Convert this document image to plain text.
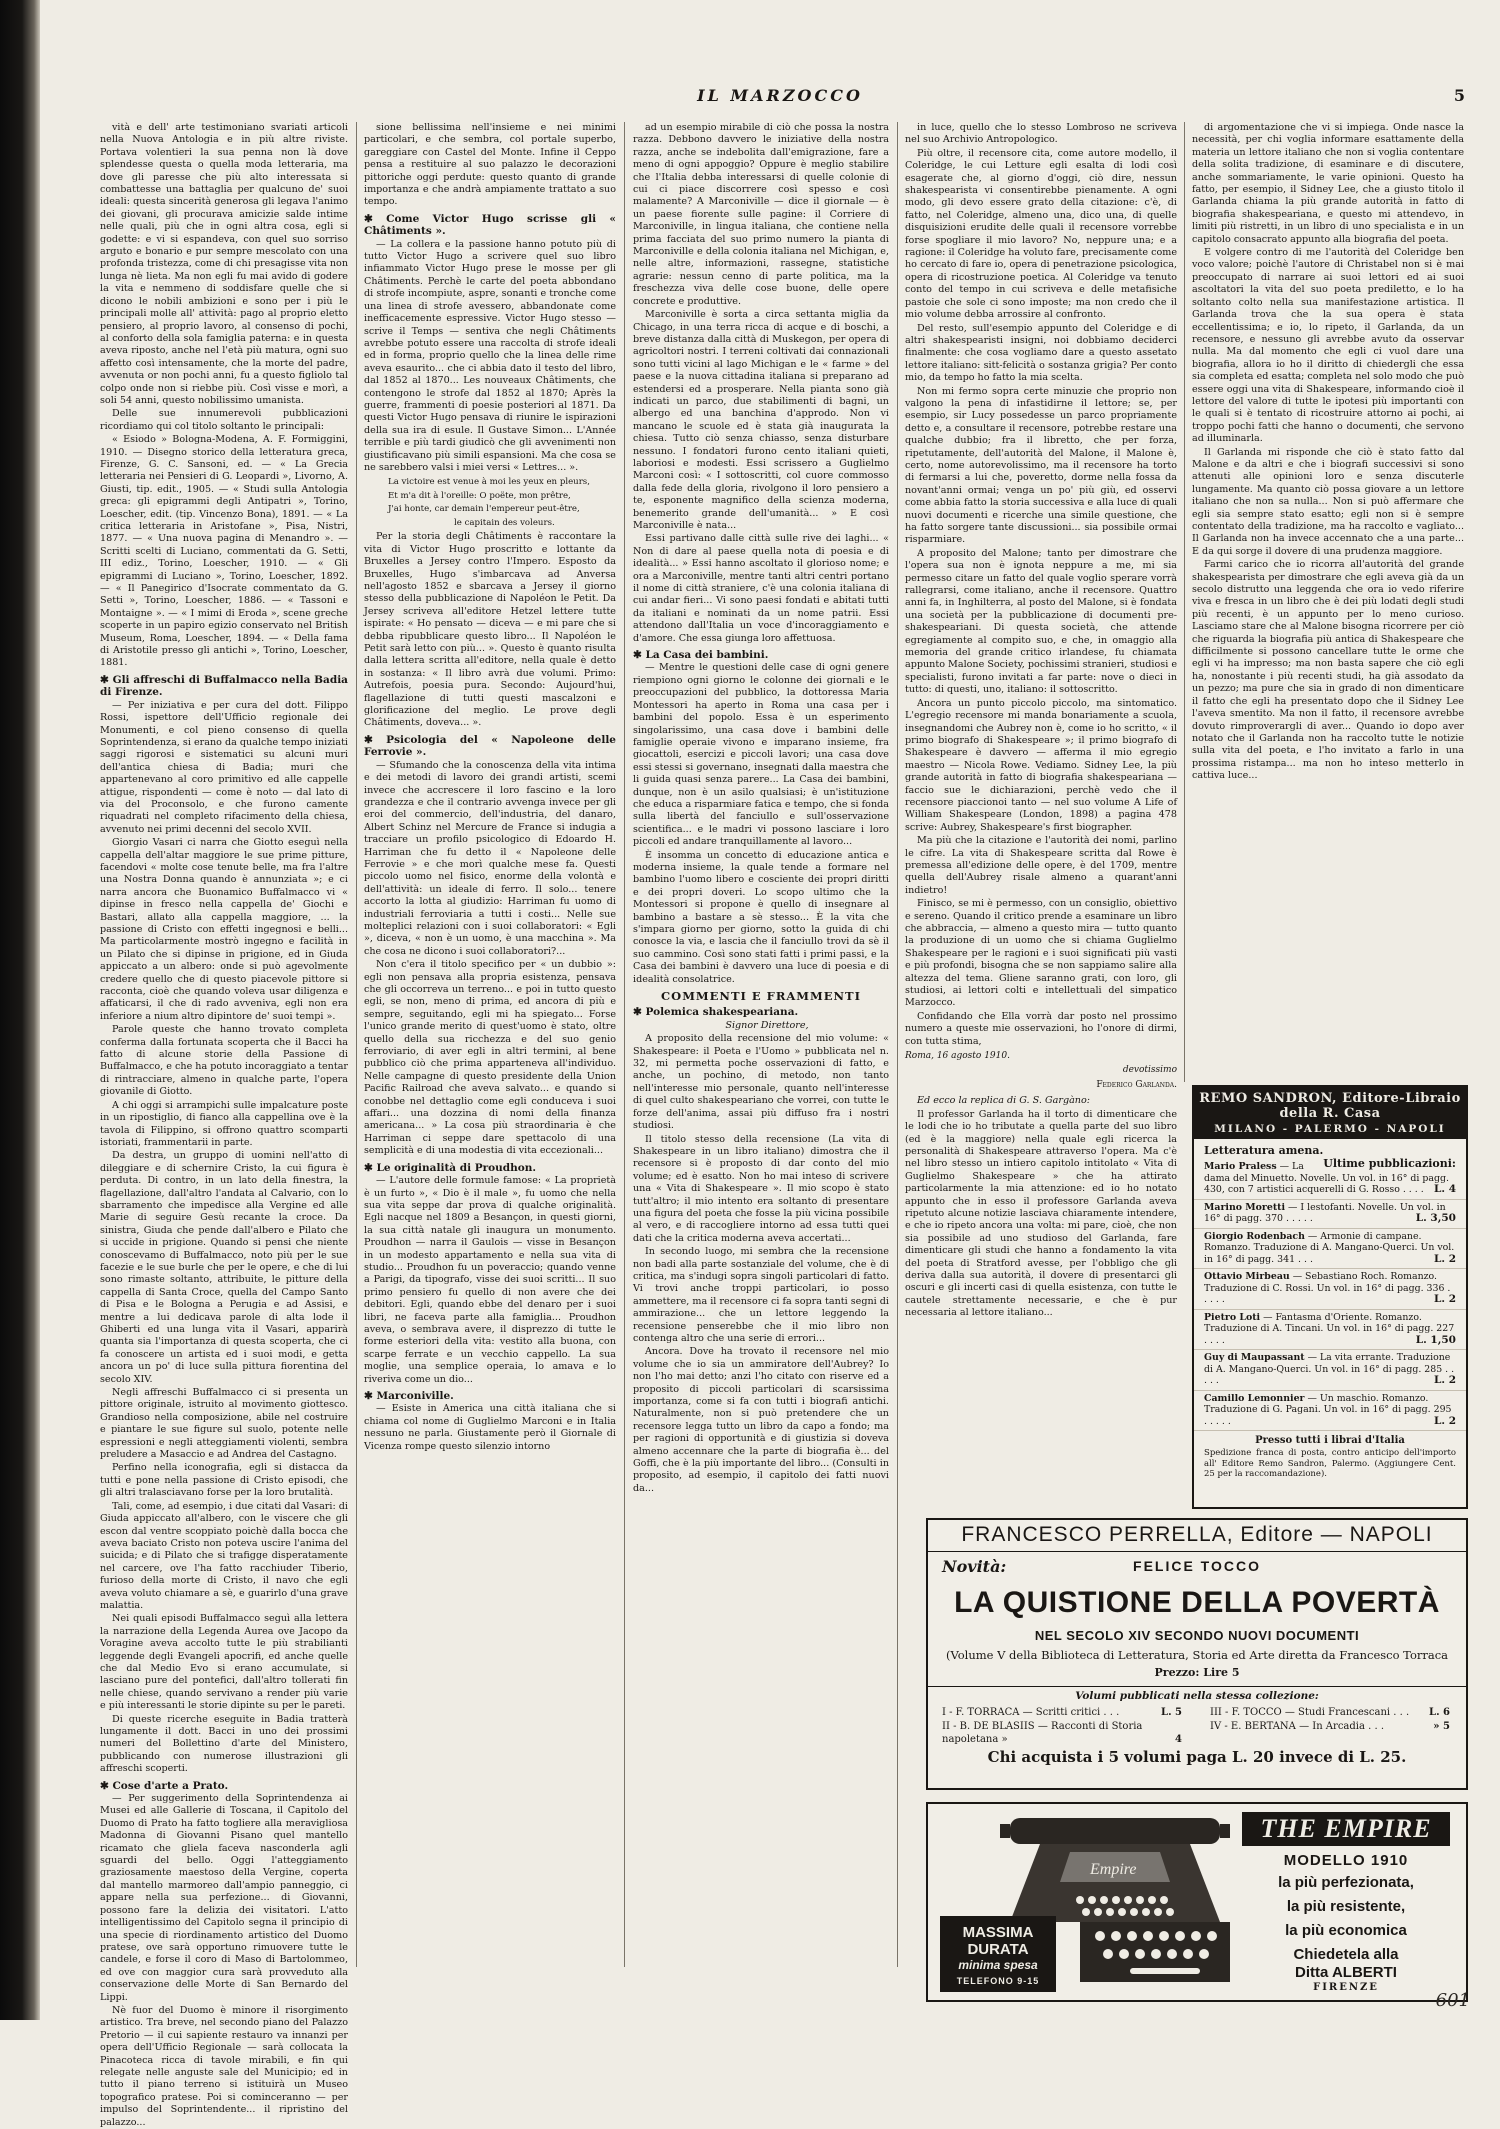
IL MARZOCCO	5

vità e dell' arte testimoniano svariati articoli nella Nuova Antologia e in più altre riviste. Portava volentieri la sua penna non là dove splendesse questa o quella moda letteraria, ma dove gli paresse che più alto interessata si combattesse una battaglia per qualcuno de' suoi ideali: questa sincerità generosa gli legava l'animo dei giovani, gli procurava amicizie salde intime nelle quali, più che in ogni altra cosa, egli si godette: e vi si espandeva, con quel suo sorriso arguto e bonario e pur sempre mescolato con una profonda tristezza, come di chi presagisse vita non lunga nè lieta. Ma non egli fu mai avido di godere la vita e nemmeno di soddisfare quelle che si dicono le nobili ambizioni e sono per i più le principali molle all' attività: pago al proprio eletto pensiero, al proprio lavoro, al consenso di pochi, al conforto della sola famiglia paterna: e in questa aveva riposto, anche nel l'età più matura, ogni suo affetto così intensamente, che la morte del padre, avvenuta or non pochi anni, fu a questo figliolo tal colpo onde non si riebbe più. Così visse e morì, a soli 54 anni, questo nobilissimo umanista.

Delle sue innumerevoli pubblicazioni ricordiamo qui col titolo soltanto le principali:

« Esiodo » Bologna-Modena, A. F. Formiggini, 1910. — Disegno storico della letteratura greca, Firenze, G. C. Sansoni, ed. — « La Grecia letteraria nei Pensieri di G. Leopardi », Livorno, A. Giusti, tip. edit., 1905. — « Studi sulla Antologia greca: gli epigrammi degli Antipatri », Torino, Loescher, edit. (tip. Vincenzo Bona), 1891. — « La critica letteraria in Aristofane », Pisa, Nistri, 1877. — « Una nuova pagina di Menandro ». — Scritti scelti di Luciano, commentati da G. Setti, III ediz., Torino, Loescher, 1910. — « Gli epigrammi di Luciano », Torino, Loescher, 1892. — « Il Panegirico d'Isocrate commentato da G. Setti », Torino, Loescher, 1886. — « Tassoni e Montaigne ». — « I mimi di Eroda », scene greche scoperte in un papiro egizio conservato nel British Museum, Roma, Loescher, 1894. — « Della fama di Aristotile presso gli antichi », Torino, Loescher, 1881.

✱ Gli affreschi di Buffalmacco nella Badia di Firenze.

— Per iniziativa e per cura del dott. Filippo Rossi, ispettore dell'Ufficio regionale dei Monumenti, e col pieno consenso di quella Soprintendenza, si erano da qualche tempo iniziati saggi rigorosi e sistematici su alcuni muri dell'antica chiesa di Badia; muri che appartenevano al coro primitivo ed alle cappelle attigue, rispondenti — come è noto — dal lato di via del Proconsolo, e che furono camente riquadrati nel completo rifacimento della chiesa, avvenuto nei primi decenni del secolo XVII.

Giorgio Vasari ci narra che Giotto eseguì nella cappella dell'altar maggiore le sue prime pitture, facendovi « molte cose tenute belle, ma fra l'altre una Nostra Donna quando è annunziata »; e ci narra ancora che Buonamico Buffalmacco vi « dipinse in fresco nella cappella de' Giochi e Bastari, allato alla cappella maggiore, ... la passione di Cristo con effetti ingegnosi e belli... Ma particolarmente mostrò ingegno e facilità in un Pilato che si dipinse in prigione, ed in Giuda appiccato a un albero: onde si può agevolmente credere quello che di questo piacevole pittore si racconta, cioè che quando voleva usar diligenza e affaticarsi, il che di rado avveniva, egli non era inferiore a nium altro dipintore de' suoi tempi ».

Parole queste che hanno trovato completa conferma dalla fortunata scoperta che il Bacci ha fatto di alcune storie della Passione di Buffalmacco, e che ha potuto incoraggiato a tentar di rintracciare, almeno in qualche parte, l'opera giovanile di Giotto.

A chi oggi si arrampichi sulle impalcature poste in un ripostiglio, di fianco alla cappellina ove è la tavola di Filippino, si offrono quattro scomparti istoriati, frammentarii in parte.

Da destra, un gruppo di uomini nell'atto di dileggiare e di schernire Cristo, la cui figura è perduta. Di contro, in un lato della finestra, la flagellazione, dall'altro l'andata al Calvario, con lo sbarramento che impedisce alla Vergine ed alle Marie di seguire Gesù recante la croce. Da sinistra, Giuda che pende dall'albero e Pilato che si uccide in prigione. Quando si pensi che niente conoscevamo di Buffalmacco, noto più per le sue facezie e le sue burle che per le opere, e che di lui sono rimaste soltanto, attribuite, le pitture della cappella di Santa Croce, quella del Campo Santo di Pisa e le Bologna a Perugia e ad Assisi, e mentre a lui dedicava parole di alta lode il Ghiberti ed una lunga vita il Vasari, apparirà quanta sia l'importanza di questa scoperta, che ci fa conoscere un artista ed i suoi modi, e getta ancora un po' di luce sulla pittura fiorentina del secolo XIV.

Negli affreschi Buffalmacco ci si presenta un pittore originale, istruito al movimento giottesco. Grandioso nella composizione, abile nel costruire e piantare le sue figure sul suolo, potente nelle espressioni e negli atteggiamenti violenti, sembra preludere a Masaccio e ad Andrea del Castagno.

Perfino nella iconografia, egli si distacca da tutti e pone nella passione di Cristo episodi, che gli altri tralasciavano forse per la loro brutalità.

Tali, come, ad esempio, i due citati dal Vasari: di Giuda appiccato all'albero, con le viscere che gli escon dal ventre scoppiato poichè dalla bocca che aveva baciato Cristo non poteva uscire l'anima del suicida; e di Pilato che si trafigge disperatamente nel carcere, ove l'ha fatto racchiuder Tiberio, furioso della morte di Cristo, il navo che egli aveva voluto chiamare a sè, e guarirlo d'una grave malattia.

Nei quali episodi Buffalmacco seguì alla lettera la narrazione della Legenda Aurea ove Jacopo da Voragine aveva accolto tutte le più strabilianti leggende degli Evangeli apocrifi, ed anche quelle che dal Medio Evo si erano accumulate, si lasciano pure del pontefici, dall'altro tollerati fin nelle chiese, quando servivano a render più varie e più interessanti le storie dipinte su per le pareti.

Di queste ricerche eseguite in Badia tratterà lungamente il dott. Bacci in uno dei prossimi numeri del Bollettino d'arte del Ministero, pubblicando con numerose illustrazioni gli affreschi scoperti.

✱ Cose d'arte a Prato.

— Per suggerimento della Soprintendenza ai Musei ed alle Gallerie di Toscana, il Capitolo del Duomo di Prato ha fatto togliere alla meravigliosa Madonna di Giovanni Pisano quel mantello ricamato che gliela faceva nasconderla agli sguardi del bello. Oggi l'atteggiamento graziosamente maestoso della Vergine, coperta dal mantello marmoreo dall'ampio panneggio, ci appare nella sua perfezione... di Giovanni, possono fare la delizia dei visitatori. L'atto intelligentissimo del Capitolo segna il principio di una specie di riordinamento artistico del Duomo pratese, ove sarà opportuno rimuovere tutte le candele, e forse il coro di Maso di Bartolommeo, ed ove con maggior cura sarà provveduto alla conservazione delle Morte di San Bernardo del Lippi.

Nè fuor del Duomo è minore il risorgimento artistico. Tra breve, nel secondo piano del Palazzo Pretorio — il cui sapiente restauro va innanzi per opera dell'Ufficio Regionale — sarà collocata la Pinacoteca ricca di tavole mirabili, e fin qui relegate nelle anguste sale del Municipio; ed in tutto il piano terreno si istituirà un Museo topografico pratese. Poi si cominceranno — per impulso del Soprintendente... il ripristino del palazzo...

sione bellissima nell'insieme e nei minimi particolari, e che sembra, col portale superbo, gareggiare con Castel del Monte. Infine il Ceppo pensa a restituire al suo palazzo le decorazioni pittoriche oggi perdute: questo quanto di grande importanza e che andrà ampiamente trattato a suo tempo.

✱ Come Victor Hugo scrisse gli « Châtiments ».

— La collera e la passione hanno potuto più di tutto Victor Hugo a scrivere quel suo libro infiammato Victor Hugo prese le mosse per gli Châtiments. Perchè le carte del poeta abbondano di strofe incompiute, aspre, sonanti e tronche come una linea di strofe avessero, abbandonate come inefficacemente espressive. Victor Hugo stesso — scrive il Temps — sentiva che negli Châtiments avrebbe potuto essere una raccolta di strofe ideali ed in forma, proprio quello che la linea delle rime aveva esaurito... che ci abbia dato il testo del libro, dal 1852 al 1870... Les nouveaux Châtiments, che contengono le strofe dal 1852 al 1870; Après la guerre, frammenti di poesie posteriori al 1871. Da questi Victor Hugo pensava di riunire le ispirazioni della sua ira di esule. Il Gustave Simon... L'Année terrible e più tardi giudicò che gli avvenimenti non giustificavano più simili espansioni. Ma che cosa se ne sarebbero valsi i miei versi « Lettres... ».

La victoire est venue à moi les yeux en pleurs,
Et m'a dit à l'oreille: O poëte, mon prêtre,
J'ai honte, car demain l'empereur peut-être,
le capitain des voleurs.

Per la storia degli Châtiments è raccontare la vita di Victor Hugo proscritto e lottante da Bruxelles a Jersey contro l'Impero. Esposto da Bruxelles, Hugo s'imbarcava ad Anversa nell'agosto 1852 e sbarcava a Jersey il giorno stesso della pubblicazione di Napoléon le Petit. Da Jersey scriveva all'editore Hetzel lettere tutte ispirate: « Ho pensato — diceva — e mi pare che si debba ripubblicare questo libro... Il Napoléon le Petit sarà letto con più... ». Questo è quanto risulta dalla lettera scritta all'editore, nella quale è detto in sostanza: « Il libro avrà due volumi. Primo: Autrefois, poesia pura. Secondo: Aujourd'hui, flagellazione di tutti questi mascalzoni e glorificazione del meglio. Le prove degli Châtiments, doveva... ».

✱ Psicologia del « Napoleone delle Ferrovie ».

— Sfumando che la conoscenza della vita intima e dei metodi di lavoro dei grandi artisti, scemi invece che accrescere il loro fascino e la loro grandezza e che il contrario avvenga invece per gli eroi del commercio, dell'industria, del danaro, Albert Schinz nel Mercure de France si indugia a tracciare un profilo psicologico di Edoardo H. Harriman che fu detto il « Napoleone delle Ferrovie » e che morì qualche mese fa. Questi piccolo uomo nel fisico, enorme della volontà e dell'attività: un ideale di ferro. Il solo... tenere accorto la lotta al giudizio: Harriman fu uomo di industriali ferroviaria a tutti i costi... Nelle sue molteplici relazioni con i suoi collaboratori: « Egli », diceva, « non è un uomo, è una macchina ». Ma che cosa ne dicono i suoi collaboratori?...

Non c'era il titolo specifico per « un dubbio »: egli non pensava alla propria esistenza, pensava che gli occorreva un terreno... e poi in tutto questo egli, se non, meno di prima, ed ancora di più e sempre, seguitando, egli mi ha spiegato... Forse l'unico grande merito di quest'uomo è stato, oltre quello della sua ricchezza e del suo genio ferroviario, di aver egli in altri termini, al bene pubblico ciò che prima apparteneva all'individuo. Nelle campagne di questo presidente della Union Pacific Railroad che aveva salvato... e quando si conobbe nel dettaglio come egli conduceva i suoi affari... una dozzina di nomi della finanza americana... » La cosa più straordinaria è che Harriman ci seppe dare spettacolo di una semplicità e di una modestia di vita eccezionali...

✱ Le originalità di Proudhon.

— L'autore delle formule famose: « La proprietà è un furto », « Dio è il male », fu uomo che nella sua vita seppe dar prova di qualche originalità. Egli nacque nel 1809 a Besançon, in questi giorni, la sua città natale gli inaugura un monumento. Proudhon — narra il Gaulois — visse in Besançon in un modesto appartamento e nella sua vita di studio... Proudhon fu un poveraccio; quando venne a Parigi, da tipografo, visse dei suoi scritti... Il suo primo pensiero fu quello di non avere che dei debitori. Egli, quando ebbe del denaro per i suoi libri, ne faceva parte alla famiglia... Proudhon aveva, o sembrava avere, il disprezzo di tutte le forme esteriori della vita: vestito alla buona, con scarpe ferrate e un vecchio cappello. La sua moglie, una semplice operaia, lo amava e lo riveriva come un dio...

✱ Marconiville.

— Esiste in America una città italiana che si chiama col nome di Guglielmo Marconi e in Italia nessuno ne parla. Giustamente però il Giornale di Vicenza rompe questo silenzio intorno

ad un esempio mirabile di ciò che possa la nostra razza. Debbono davvero le iniziative della nostra razza, anche se indebolita dall'emigrazione, fare a meno di ogni appoggio? Oppure è meglio stabilire che l'Italia debba interessarsi di quelle colonie di cui ci piace discorrere così spesso e così malamente? A Marconiville — dice il giornale — è un paese fiorente sulle pagine: il Corriere di Marconiville, in lingua italiana, che contiene nella prima facciata del suo primo numero la pianta di Marconiville e della colonia italiana nel Michigan, e, nelle altre, informazioni, rassegne, statistiche agrarie: nessun cenno di parte politica, ma la freschezza viva delle cose buone, delle opere concrete e produttive.

Marconiville è sorta a circa settanta miglia da Chicago, in una terra ricca di acque e di boschi, a breve distanza dalla città di Muskegon, per opera di agricoltori nostri. I terreni coltivati dai connazionali sono tutti vicini al lago Michigan e le « farme » del paese e la nuova cittadina italiana si preparano ad estendersi ed a prosperare. Nella pianta sono già indicati un parco, due stabilimenti di bagni, un albergo ed una banchina d'approdo. Non vi mancano le scuole ed è stata già inaugurata la chiesa. Tutto ciò senza chiasso, senza disturbare nessuno. I fondatori furono cento italiani quieti, laboriosi e modesti. Essi scrissero a Guglielmo Marconi così: « I sottoscritti, col cuore commosso dalla fede della gloria, rivolgono il loro pensiero a te, esponente magnifico della scienza moderna, benemerito grande dell'umanità... » E così Marconiville è nata...

Essi partivano dalle città sulle rive dei laghi... « Non di dare al paese quella nota di poesia e di idealità... » Essi hanno ascoltato il glorioso nome; e ora a Marconiville, mentre tanti altri centri portano il nome di città straniere, c'è una colonia italiana di cui andar fieri... Vi sono paesi fondati e abitati tutti da italiani e nominati da un nome patrii. Essi attendono dall'Italia un voce d'incoraggiamento e d'amore. Che essa giunga loro affettuosa.

✱ La Casa dei bambini.

— Mentre le questioni delle case di ogni genere riempiono ogni giorno le colonne dei giornali e le preoccupazioni del pubblico, la dottoressa Maria Montessori ha aperto in Roma una casa per i bambini del popolo. Essa è un esperimento singolarissimo, una casa dove i bambini delle famiglie operaie vivono e imparano insieme, fra giocattoli, esercizi e piccoli lavori; una casa dove essi stessi si governano, insegnati dalla maestra che li guida quasi senza parere... La Casa dei bambini, dunque, non è un asilo qualsiasi; è un'istituzione che educa a risparmiare fatica e tempo, che si fonda sulla libertà del fanciullo e sull'osservazione scientifica... e le madri vi possono lasciare i loro piccoli ed andare tranquillamente al lavoro...

È insomma un concetto di educazione antica e moderna insieme, la quale tende a formare nel bambino l'uomo libero e cosciente dei propri diritti e dei propri doveri. Lo scopo ultimo che la Montessori si propone è quello di insegnare al bambino a bastare a sè stesso... È la vita che s'impara giorno per giorno, sotto la guida di chi conosce la via, e lascia che il fanciullo trovi da sè il suo cammino. Così sono stati fatti i primi passi, e la Casa dei bambini è davvero una luce di poesia e di idealità consolatrice.

COMMENTI E FRAMMENTI
✱ Polemica shakespeariana.

Signor Direttore,

A proposito della recensione del mio volume: « Shakespeare: il Poeta e l'Uomo » pubblicata nel n. 32, mi permetta poche osservazioni di fatto, e anche, un pochino, di metodo, non tanto nell'interesse mio personale, quanto nell'interesse di quel culto shakespeariano che vorrei, con tutte le forze dell'anima, assai più diffuso fra i nostri studiosi.

Il titolo stesso della recensione (La vita di Shakespeare in un libro italiano) dimostra che il recensore si è proposto di dar conto del mio volume; ed è esatto. Non ho mai inteso di scrivere una « Vita di Shakespeare ». Il mio scopo è stato tutt'altro; il mio intento era soltanto di presentare una figura del poeta che fosse la più vicina possibile al vero, e di raccogliere intorno ad essa tutti quei dati che la critica moderna aveva accertati...

In secondo luogo, mi sembra che la recensione non badi alla parte sostanziale del volume, che è di critica, ma s'indugi sopra singoli particolari di fatto. Vi trovi anche troppi particolari, io posso ammettere, ma il recensore ci fa sopra tanti segni di ammirazione... che un lettore leggendo la recensione penserebbe che il mio libro non contenga altro che una serie di errori...

Ancora. Dove ha trovato il recensore nel mio volume che io sia un ammiratore dell'Aubrey? Io non l'ho mai detto; anzi l'ho citato con riserve ed a proposito di piccoli particolari di scarsissima importanza, come si fa con tutti i biografi antichi. Naturalmente, non si può pretendere che un recensore legga tutto un libro da capo a fondo; ma per ragioni di opportunità e di giustizia si doveva almeno accennare che la parte di biografia è... del Goffi, che è la più importante del libro... (Consulti in proposito, ad esempio, il capitolo dei fatti nuovi da...

in luce, quello che lo stesso Lombroso ne scriveva nel suo Archivio Antropologico.

Più oltre, il recensore cita, come autore modello, il Coleridge, le cui Letture egli esalta di lodi così esagerate che, al giorno d'oggi, ciò dire, nessun shakespearista vi consentirebbe pienamente. A ogni modo, gli devo essere grato della citazione: c'è, di fatto, nel Coleridge, almeno una, dico una, di quelle disquisizioni erudite delle quali il recensore vorrebbe forse spogliare il mio lavoro? No, neppure una; e a ragione: il Coleridge ha voluto fare, precisamente come ho cercato di fare io, opera di penetrazione psicologica, opera di ricostruzione poetica. Al Coleridge va tenuto conto del tempo in cui scriveva e delle metafisiche pastoie che sole ci sono imposte; ma non credo che il mio volume debba arrossire al confronto.

Del resto, sull'esempio appunto del Coleridge e di altri shakespearisti insigni, noi dobbiamo deciderci finalmente: che cosa vogliamo dare a questo assetato lettore italiano: sitt-felicità o sostanza grigia? Per conto mio, da tempo ho fatto la mia scelta.

Non mi fermo sopra certe minuzie che proprio non valgono la pena di infastidirne il lettore; se, per esempio, sir Lucy possedesse un parco propriamente detto e, a consultare il recensore, potrebbe restare una qualche dubbio; fra il libretto, che per forza, ripetutamente, dell'autorità del Malone, il Malone è, certo, nome autorevolissimo, ma il recensore ha torto di fermarsi a lui che, poveretto, dorme nella fossa da novant'anni ormai; venga un po' più giù, ed osservi come abbia fatto la storia successiva e alla luce di quali nuovi documenti e ricerche una simile questione, che ha fatto sorgere tante discussioni... sia possibile ormai risparmiare.

A proposito del Malone; tanto per dimostrare che l'opera sua non è ignota neppure a me, mi sia permesso citare un fatto del quale voglio sperare vorrà rallegrarsi, come italiano, anche il recensore. Quattro anni fa, in Inghilterra, al posto del Malone, si è fondata una società per la pubblicazione di documenti pre-shakespeariani. Di questa società, che attende egregiamente al compito suo, e che, in omaggio alla memoria del grande critico irlandese, fu chiamata appunto Malone Society, pochissimi stranieri, studiosi e specialisti, furono invitati a far parte: nove o dieci in tutto: di questi, uno, italiano: il sottoscritto.

Ancora un punto piccolo piccolo, ma sintomatico. L'egregio recensore mi manda bonariamente a scuola, insegnandomi che Aubrey non è, come io ho scritto, « il primo biografo di Shakespeare »; il primo biografo di Shakespeare è davvero — afferma il mio egregio maestro — Nicola Rowe. Vediamo. Sidney Lee, la più grande autorità in fatto di biografia shakespeariana — faccio sue le dichiarazioni, perchè vedo che il recensore piaccionoi tanto — nel suo volume A Life of William Shakespeare (London, 1898) a pagina 478 scrive: Aubrey, Shakespeare's first biographer.

Ma più che la citazione e l'autorità dei nomi, parlino le cifre. La vita di Shakespeare scritta dal Rowe è premessa all'edizione delle opere, è del 1709, mentre quella dell'Aubrey risale almeno a quarant'anni indietro!

Finisco, se mi è permesso, con un consiglio, obiettivo e sereno. Quando il critico prende a esaminare un libro che abbraccia, — almeno a questo mira — tutto quanto la produzione di un uomo che si chiama Guglielmo Shakespeare per le ragioni e i suoi significati più vasti e più profondi, bisogna che se non sappiamo salire alla altezza del tema. Gliene saranno grati, con loro, gli studiosi, ai lettori colti e intellettuali del simpatico Marzocco.

Confidando che Ella vorrà dar posto nel prossimo numero a queste mie osservazioni, ho l'onore di dirmi, con tutta stima,

Roma, 16 agosto 1910.
devotissimo
Federico Garlanda.

Ed ecco la replica di G. S. Gargàno:

Il professor Garlanda ha il torto di dimenticare che le lodi che io ho tributate a quella parte del suo libro (ed è la maggiore) nella quale egli ricerca la personalità di Shakespeare attraverso l'opera. Ma c'è nel libro stesso un intiero capitolo intitolato « Vita di Guglielmo Shakespeare » che ha attirato particolarmente la mia attenzione: ed io ho notato appunto che in esso il professore Garlanda aveva ripetuto alcune notizie lasciava chiaramente intendere, e che io ripeto ancora una volta: mi pare, cioè, che non sia possibile ad uno studioso del Garlanda, fare dimenticare gli studi che hanno a fondamento la vita del poeta di Stratford avesse, per l'obbligo che gli deriva dalla sua autorità, il dovere di presentarci gli oscuri e gli incerti casi di quella esistenza, con tutte le cautele strettamente necessarie, e che è pur necessaria al lettore italiano...

di argomentazione che vi si impiega. Onde nasce la necessità, per chi voglia informare esattamente della materia un lettore italiano che non si voglia contentare della solita tradizione, di esaminare e di discutere, anche sommariamente, le varie opinioni. Questo ha fatto, per esempio, il Sidney Lee, che a giusto titolo il Garlanda chiama la più grande autorità in fatto di biografia shakespeariana, e questo mi attendevo, in limiti più ristretti, in un libro di uno specialista e in un capitolo consacrato appunto alla biografia del poeta.

E volgere contro di me l'autorità del Coleridge ben voco valore; poichè l'autore di Christabel non si è mai preoccupato di narrare ai suoi lettori ed ai suoi ascoltatori la vita del suo poeta prediletto, e lo ha soltanto colto nella sua manifestazione artistica. Il Garlanda trova che la sua opera è stata eccellentissima; e io, lo ripeto, il Garlanda, da un recensore, e nessuno gli avrebbe avuto da osservar nulla. Ma dal momento che egli ci vuol dare una biografia, allora io ho il diritto di chiedergli che essa sia completa ed esatta; completa nel solo modo che può essere oggi una vita di Shakespeare, informando cioè il lettore del valore di tutte le ipotesi più importanti con le quali si è tentato di ricostruire attorno ai pochi, ai troppo pochi fatti che hanno o documenti, che servono ad illuminarla.

Il Garlanda mi risponde che ciò è stato fatto dal Malone e da altri e che i biografi successivi si sono attenuti alle opinioni loro e senza discuterle lungamente. Ma quanto ciò possa giovare a un lettore italiano che non sa nulla... Non si può affermare che egli sia sempre stato esatto; egli non si è sempre contentato della tradizione, ma ha raccolto e vagliato... Il Garlanda non ha invece accennato che a una parte... E da qui sorge il dovere di una prudenza maggiore.

Farmi carico che io ricorra all'autorità del grande shakespearista per dimostrare che egli aveva già da un secolo distrutto una leggenda che ora io vedo riferire viva e fresca in un libro che è dei più lodati degli studi più recenti, è un appunto per lo meno curioso. Lasciamo stare che al Malone bisogna ricorrere per ciò che riguarda la biografia più antica di Shakespeare che difficilmente si possono cancellare tutte le orme che egli vi ha impresso; ma non basta sapere che ciò egli ha, nonostante i più recenti studi, ha già assodato da un pezzo; ma pure che sia in grado di non dimenticare il fatto che egli ha presentato dopo che il Sidney Lee l'aveva smentito. Ma non il fatto, il recensore avrebbe dovuto rimproverargli di aver... Quando io dopo aver notato che il Garlanda non ha raccolto tutte le notizie sulla vita del poeta, e l'ho invitato a farlo in una prossima ristampa... ma non ho inteso metterlo in cattiva luce...

REMO SANDRON, Editore-Libraio della R. Casa
MILANO - PALERMO - NAPOLI
Letteratura amena.
Ultime pubblicazioni:
Mario Praless — La dama del Minuetto. Novelle. Un vol. in 16° di pagg. 430, con 7 artistici acquerelli di G. Rosso . . . . L. 4
Marino Moretti — I lestofanti. Novelle. Un vol. in 16° di pagg. 370 . . . . .	L. 3,50
Giorgio Rodenbach — Armonie di campane. Romanzo. Traduzione di A. Mangano-Querci. Un vol. in 16° di pagg. 341 . . .	L. 2
Ottavio Mirbeau — Sebastiano Roch. Romanzo. Traduzione di C. Rossi. Un vol. in 16° di pagg. 336 . . . . .	L. 2
Pietro Loti — Fantasma d'Oriente. Romanzo. Traduzione di A. Tincani. Un vol. in 16° di pagg. 227 . . . .	L. 1,50
Guy di Maupassant — La vita errante. Traduzione di A. Mangano-Querci. Un vol. in 16° di pagg. 285 . . . . .	L. 2
Camillo Lemonnier — Un maschio. Romanzo. Traduzione di G. Pagani. Un vol. in 16° di pagg. 295 . . . . .	L. 2
Presso tutti i librai d'Italia
Spedizione franca di posta, contro anticipo dell'importo all' Editore Remo Sandron, Palermo. (Aggiungere Cent. 25 per la raccomandazione).
FRANCESCO PERRELLA, Editore — NAPOLI
Novità:	FELICE TOCCO
LA QUISTIONE DELLA POVERTÀ
NEL SECOLO XIV SECONDO NUOVI DOCUMENTI
(Volume V della Biblioteca di Letteratura, Storia ed Arte diretta da Francesco Torraca
Prezzo: Lire 5
Volumi pubblicati nella stessa collezione:
I - F. TORRACA — Scritti critici . . .	L. 5
II - B. DE BLASIIS — Racconti di Storia napoletana »	4
III - F. TOCCO — Studi Francescani . . . L. 6
IV - E. BERTANA — In Arcadia . . .	» 5
Chi acquista i 5 volumi paga L. 20 invece di L. 25.
Empire
MASSIMA
DURATA
minima spesa
TELEFONO 9-15
THE EMPIRE
MODELLO 1910
la più perfezionata,
la più resistente,
la più economica
Chiedetela alla
Ditta ALBERTI
FIRENZE
601
